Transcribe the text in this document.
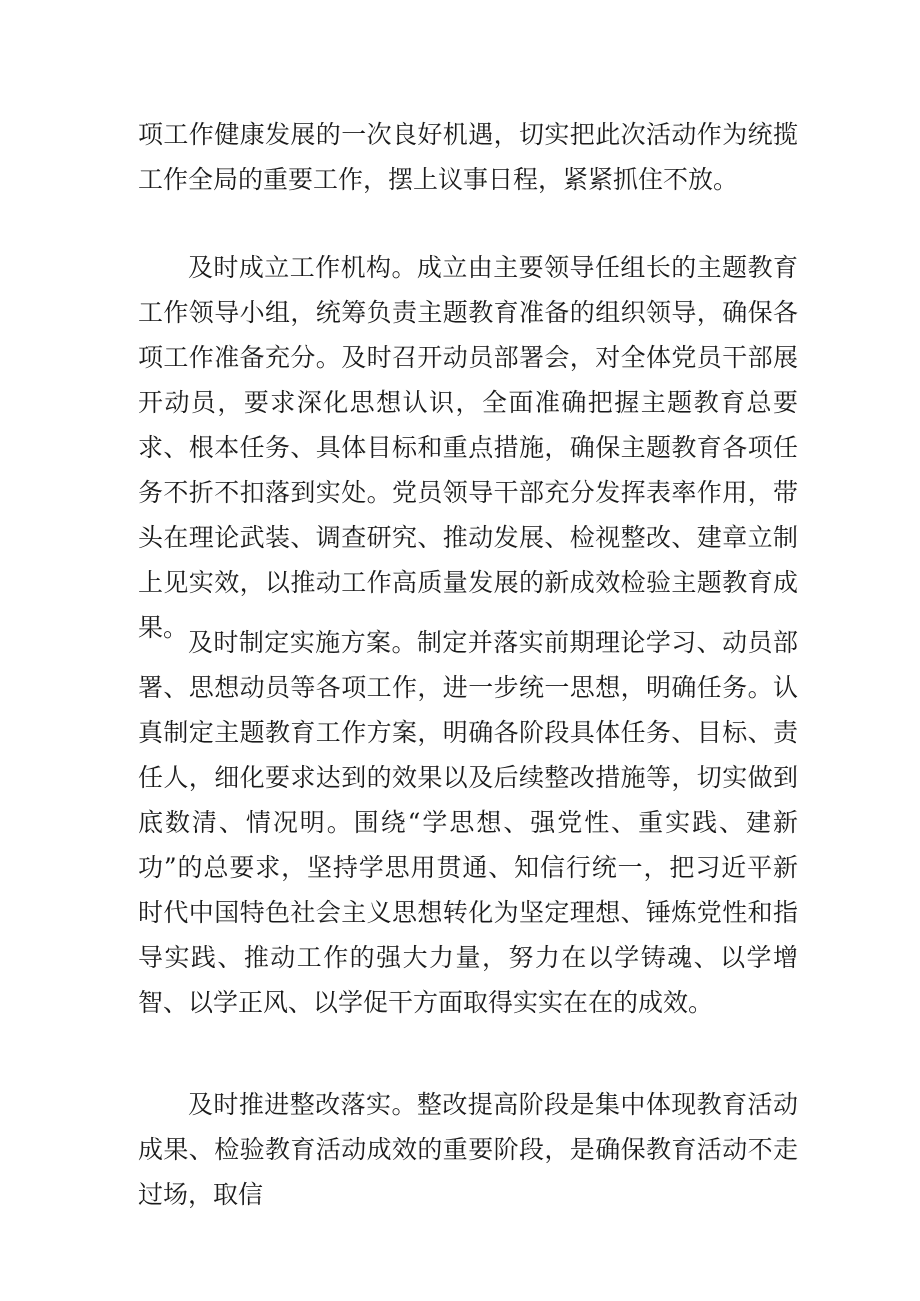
项工作健康发展的一次良好机遇，切实把此次活动作为统揽工作全局的重要工作，摆上议事日程，紧紧抓住不放。

及时成立工作机构。成立由主要领导任组长的主题教育工作领导小组，统筹负责主题教育准备的组织领导，确保各项工作准备充分。及时召开动员部署会，对全体党员干部展开动员，要求深化思想认识，全面准确把握主题教育总要求、根本任务、具体目标和重点措施，确保主题教育各项任务不折不扣落到实处。党员领导干部充分发挥表率作用，带头在理论武装、调查研究、推动发展、检视整改、建章立制上见实效，以推动工作高质量发展的新成效检验主题教育成果。

及时制定实施方案。制定并落实前期理论学习、动员部署、思想动员等各项工作，进一步统一思想，明确任务。认真制定主题教育工作方案，明确各阶段具体任务、目标、责任人，细化要求达到的效果以及后续整改措施等，切实做到底数清、情况明。围绕“学思想、强党性、重实践、建新功”的总要求，坚持学思用贯通、知信行统一，把习近平新时代中国特色社会主义思想转化为坚定理想、锤炼党性和指导实践、推动工作的强大力量，努力在以学铸魂、以学增智、以学正风、以学促干方面取得实实在在的成效。

及时推进整改落实。整改提高阶段是集中体现教育活动成果、检验教育活动成效的重要阶段，是确保教育活动不走过场，取信
